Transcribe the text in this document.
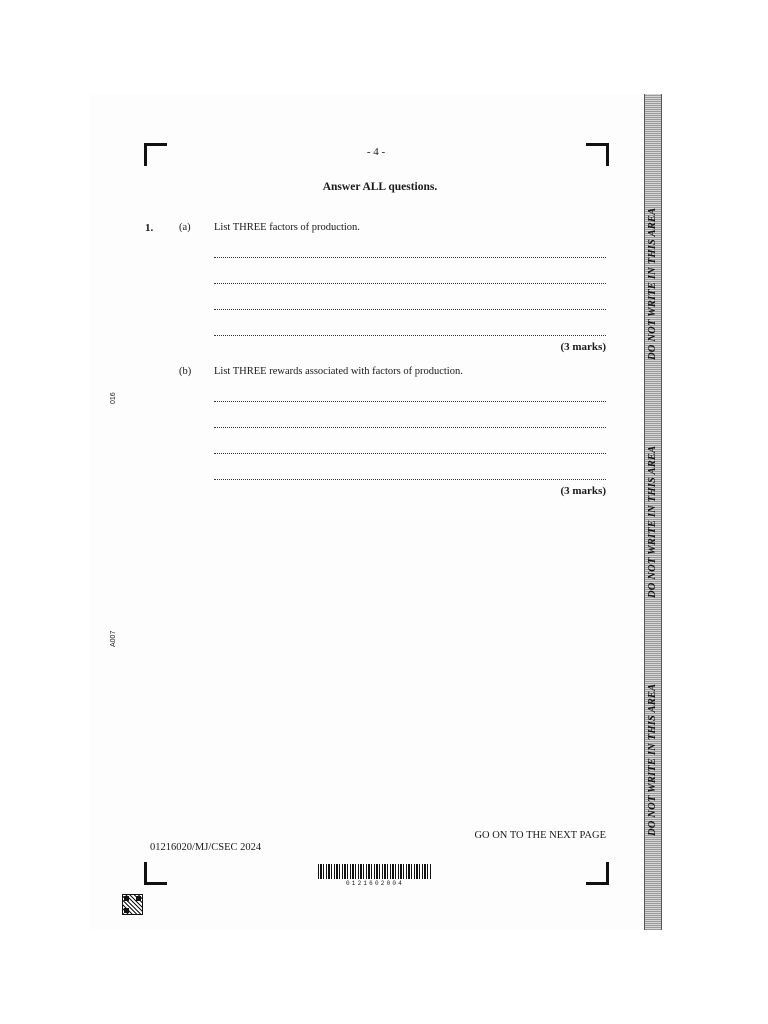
- 4 -
Answer ALL questions.
1. (a) List THREE factors of production.
(3 marks)
(b) List THREE rewards associated with factors of production.
(3 marks)
016
A007
GO ON TO THE NEXT PAGE
01216020/MJ/CSEC 2024
0121602004
DO NOT WRITE IN THIS AREA
DO NOT WRITE IN THIS AREA
DO NOT WRITE IN THIS AREA
